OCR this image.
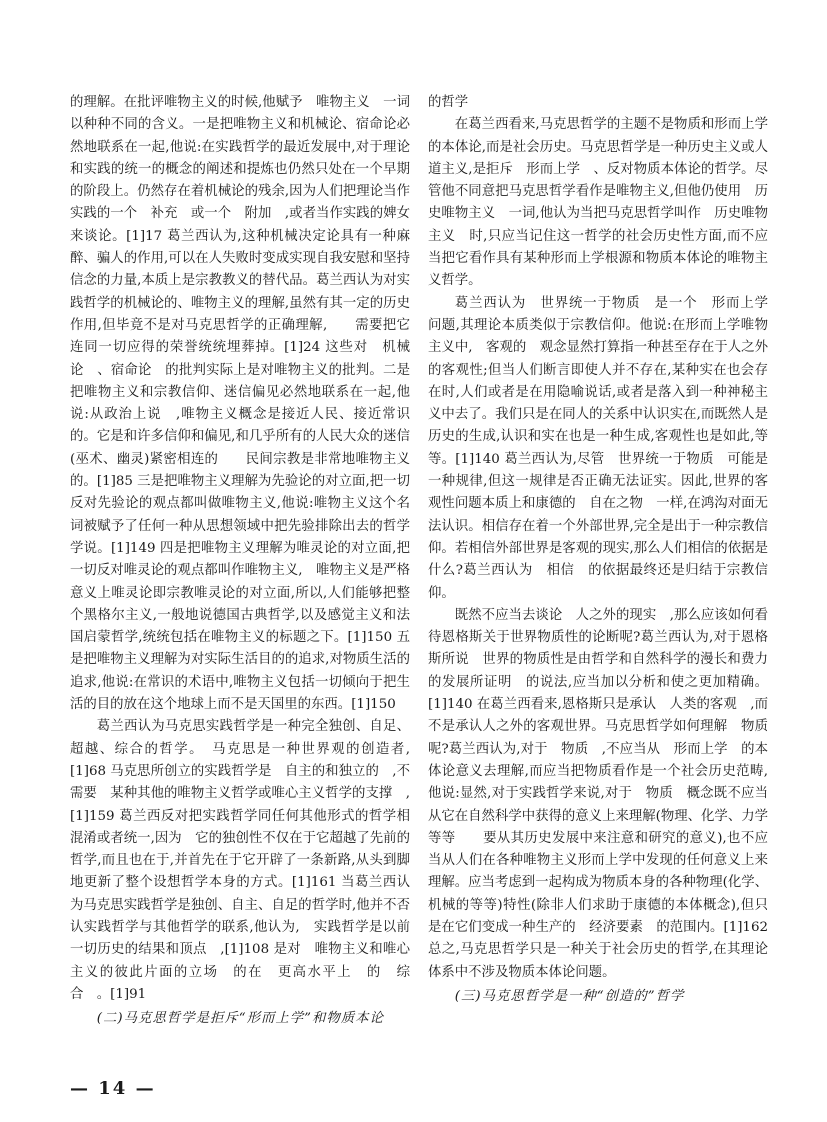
的理解。在批评唯物主义的时候,他赋予　唯物主义　一词以种种不同的含义。一是把唯物主义和机械论、宿命论必然地联系在一起,他说:在实践哲学的最近发展中,对于理论和实践的统一的概念的阐述和提炼也仍然只处在一个早期的阶段上。仍然存在着机械论的残余,因为人们把理论当作实践的一个　补充　或一个　附加　,或者当作实践的婢女来谈论。[1]17 葛兰西认为,这种机械决定论具有一种麻醉、骗人的作用,可以在人失败时变成实现自我安慰和坚持信念的力量,本质上是宗教教义的替代品。葛兰西认为对实践哲学的机械论的、唯物主义的理解,虽然有其一定的历史作用,但毕竟不是对马克思哲学的正确理解,　　需要把它连同一切应得的荣誉统统埋葬掉。[1]24 这些对　机械论　、宿命论　的批判实际上是对唯物主义的批判。二是把唯物主义和宗教信仰、迷信偏见必然地联系在一起,他说:从政治上说　,唯物主义概念是接近人民、接近常识的。它是和许多信仰和偏见,和几乎所有的人民大众的迷信(巫术、幽灵)紧密相连的　　民间宗教是非常地唯物主义的。[1]85 三是把唯物主义理解为先验论的对立面,把一切反对先验论的观点都叫做唯物主义,他说:唯物主义这个名词被赋予了任何一种从思想领域中把先验排除出去的哲学学说。[1]149 四是把唯物主义理解为唯灵论的对立面,把一切反对唯灵论的观点都叫作唯物主义,　唯物主义是严格意义上唯灵论即宗教唯灵论的对立面,所以,人们能够把整个黑格尔主义,一般地说德国古典哲学,以及感觉主义和法国启蒙哲学,统统包括在唯物主义的标题之下。[1]150 五是把唯物主义理解为对实际生活目的的追求,对物质生活的追求,他说:在常识的术语中,唯物主义包括一切倾向于把生活的目的放在这个地球上而不是天国里的东西。[1]150

葛兰西认为马克思实践哲学是一种完全独创、自足、超越、综合的哲学。　马克思是一种世界观的创造者,[1]68 马克思所创立的实践哲学是　自主的和独立的　,不需要　某种其他的唯物主义哲学或唯心主义哲学的支撑　,[1]159 葛兰西反对把实践哲学同任何其他形式的哲学相混淆或者统一,因为　它的独创性不仅在于它超越了先前的哲学,而且也在于,并首先在于它开辟了一条新路,从头到脚地更新了整个设想哲学本身的方式。[1]161 当葛兰西认为马克思实践哲学是独创、自主、自足的哲学时,他并不否认实践哲学与其他哲学的联系,他认为,　实践哲学是以前一切历史的结果和顶点　,[1]108 是对　唯物主义和唯心主义的彼此片面的立场　的在　更高水平上　的　综合　。[1]91

(二)马克思哲学是拒斥“形而上学”和物质本论

的哲学

在葛兰西看来,马克思哲学的主题不是物质和形而上学的本体论,而是社会历史。马克思哲学是一种历史主义或人道主义,是拒斥　形而上学　、反对物质本体论的哲学。尽管他不同意把马克思哲学看作是唯物主义,但他仍使用　历史唯物主义　一词,他认为当把马克思哲学叫作　历史唯物主义　时,只应当记住这一哲学的社会历史性方面,而不应当把它看作具有某种形而上学根源和物质本体论的唯物主义哲学。

葛兰西认为　世界统一于物质　是一个　形而上学　问题,其理论本质类似于宗教信仰。他说:在形而上学唯物主义中,　客观的　观念显然打算指一种甚至存在于人之外的客观性;但当人们断言即使人并不存在,某种实在也会存在时,人们或者是在用隐喻说话,或者是落入到一种神秘主义中去了。我们只是在同人的关系中认识实在,而既然人是历史的生成,认识和实在也是一种生成,客观性也是如此,等等。[1]140 葛兰西认为,尽管　世界统一于物质　可能是一种规律,但这一规律是否正确无法证实。因此,世界的客观性问题本质上和康德的　自在之物　一样,在鸿沟对面无法认识。相信存在着一个外部世界,完全是出于一种宗教信仰。若相信外部世界是客观的现实,那么人们相信的依据是什么?葛兰西认为　相信　的依据最终还是归结于宗教信仰。

既然不应当去谈论　人之外的现实　,那么应该如何看待恩格斯关于世界物质性的论断呢?葛兰西认为,对于恩格斯所说　世界的物质性是由哲学和自然科学的漫长和费力的发展所证明　的说法,应当加以分析和使之更加精确。[1]140 在葛兰西看来,恩格斯只是承认　人类的客观　,而不是承认人之外的客观世界。马克思哲学如何理解　物质　呢?葛兰西认为,对于　物质　,不应当从　形而上学　的本体论意义去理解,而应当把物质看作是一个社会历史范畴,他说:显然,对于实践哲学来说,对于　物质　概念既不应当从它在自然科学中获得的意义上来理解(物理、化学、力学等等　　要从其历史发展中来注意和研究的意义),也不应当从人们在各种唯物主义形而上学中发现的任何意义上来理解。应当考虑到一起构成为物质本身的各种物理(化学、机械的等等)特性(除非人们求助于康德的本体概念),但只是在它们变成一种生产的　经济要素　的范围内。[1]162 总之,马克思哲学只是一种关于社会历史的哲学,在其理论体系中不涉及物质本体论问题。

(三)马克思哲学是一种“创造的”哲学

— 14 —
